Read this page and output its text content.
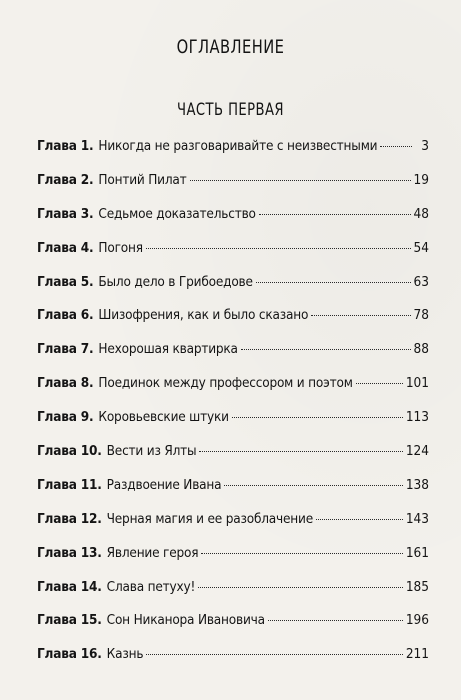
ОГЛАВЛЕНИЕ
ЧАСТЬ ПЕРВАЯ
Глава 1. Никогда не разговаривайте с неизвестными	3
Глава 2. Понтий Пилат	19
Глава 3. Седьмое доказательство	48
Глава 4. Погоня	54
Глава 5. Было дело в Грибоедове	63
Глава 6. Шизофрения, как и было сказано	78
Глава 7. Нехорошая квартирка	88
Глава 8. Поединок между профессором и поэтом	101
Глава 9. Коровьевские штуки	113
Глава 10. Вести из Ялты	124
Глава 11. Раздвоение Ивана	138
Глава 12. Черная магия и ее разоблачение	143
Глава 13. Явление героя	161
Глава 14. Слава петуху!	185
Глава 15. Сон Никанора Ивановича	196
Глава 16. Казнь	211
